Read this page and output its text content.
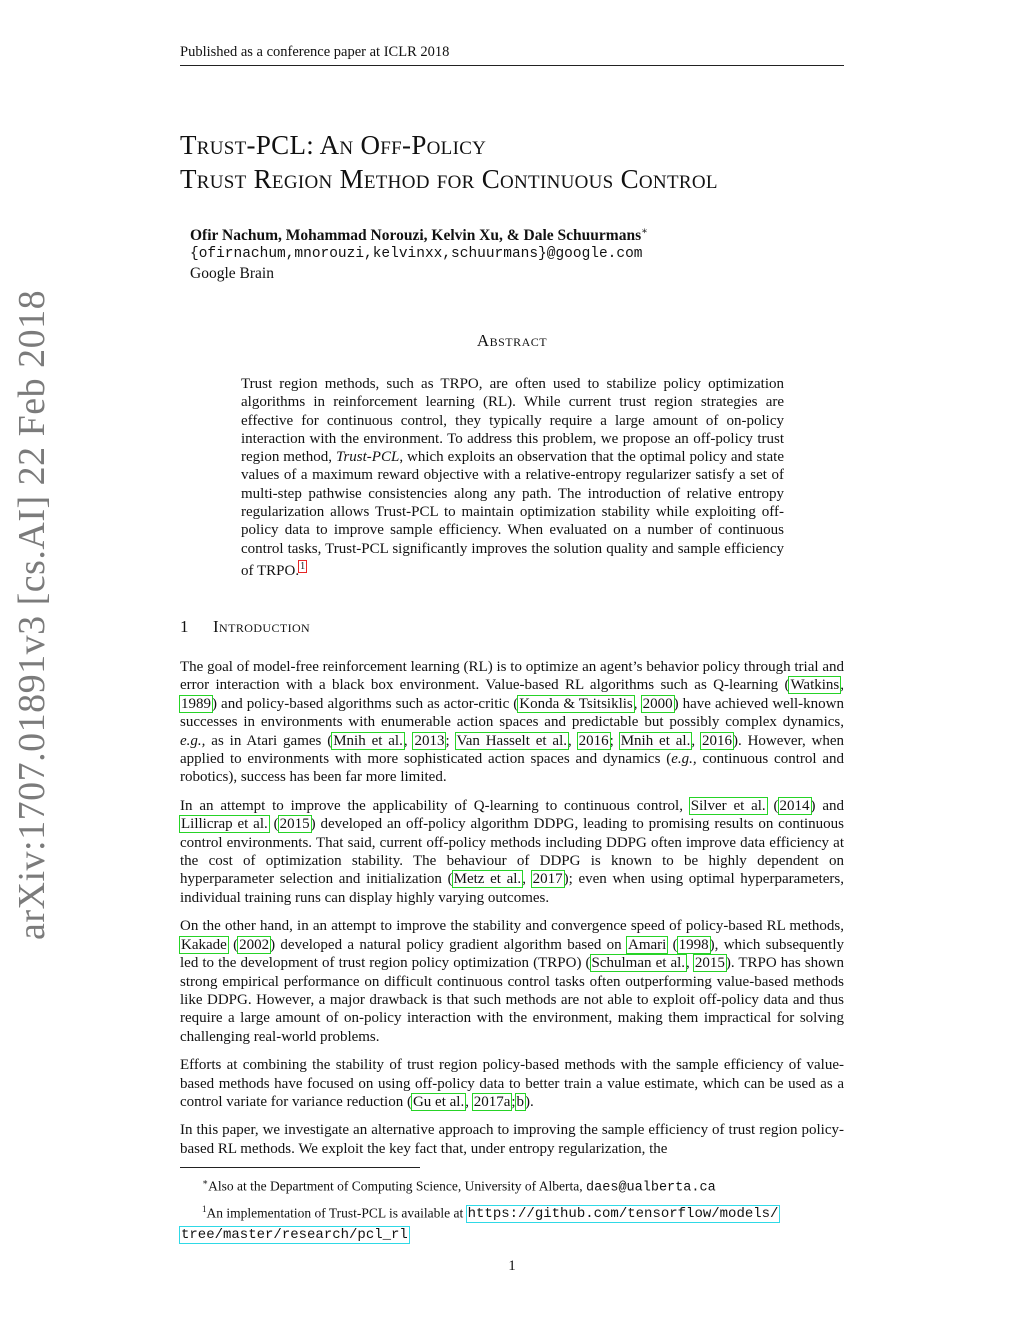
Published as a conference paper at ICLR 2018
arXiv:1707.01891v3 [cs.AI] 22 Feb 2018
Trust-PCL: An Off-Policy
Trust Region Method for Continuous Control
Ofir Nachum, Mohammad Norouzi, Kelvin Xu, & Dale Schuurmans∗
{ofirnachum,mnorouzi,kelvinxx,schuurmans}@google.com
Google Brain
Abstract
Trust region methods, such as TRPO, are often used to stabilize policy optimization algorithms in reinforcement learning (RL). While current trust region strategies are effective for continuous control, they typically require a large amount of on-policy interaction with the environment. To address this problem, we propose an off-policy trust region method, Trust-PCL, which exploits an observation that the optimal policy and state values of a maximum reward objective with a relative-entropy regularizer satisfy a set of multi-step pathwise consistencies along any path. The introduction of relative entropy regularization allows Trust-PCL to maintain optimization stability while exploiting off-policy data to improve sample efficiency. When evaluated on a number of continuous control tasks, Trust-PCL significantly improves the solution quality and sample efficiency of TRPO.$^1$
1 Introduction

The goal of model-free reinforcement learning (RL) is to optimize an agent’s behavior policy through trial and error interaction with a black box environment. Value-based RL algorithms such as Q-learning (Watkins, 1989) and policy-based algorithms such as actor-critic (Konda & Tsitsiklis, 2000) have achieved well-known successes in environments with enumerable action spaces and predictable but possibly complex dynamics, e.g., as in Atari games (Mnih et al., 2013; Van Hasselt et al., 2016; Mnih et al., 2016). However, when applied to environments with more sophisticated action spaces and dynamics (e.g., continuous control and robotics), success has been far more limited.

In an attempt to improve the applicability of Q-learning to continuous control, Silver et al. (2014) and Lillicrap et al. (2015) developed an off-policy algorithm DDPG, leading to promising results on continuous control environments. That said, current off-policy methods including DDPG often improve data efficiency at the cost of optimization stability. The behaviour of DDPG is known to be highly dependent on hyperparameter selection and initialization (Metz et al., 2017); even when using optimal hyperparameters, individual training runs can display highly varying outcomes.

On the other hand, in an attempt to improve the stability and convergence speed of policy-based RL methods, Kakade (2002) developed a natural policy gradient algorithm based on Amari (1998), which subsequently led to the development of trust region policy optimization (TRPO) (Schulman et al., 2015). TRPO has shown strong empirical performance on difficult continuous control tasks often outperforming value-based methods like DDPG. However, a major drawback is that such methods are not able to exploit off-policy data and thus require a large amount of on-policy interaction with the environment, making them impractical for solving challenging real-world problems.

Efforts at combining the stability of trust region policy-based methods with the sample efficiency of value-based methods have focused on using off-policy data to better train a value estimate, which can be used as a control variate for variance reduction (Gu et al., 2017a;b).

In this paper, we investigate an alternative approach to improving the sample efficiency of trust region policy-based RL methods. We exploit the key fact that, under entropy regularization, the

∗Also at the Department of Computing Science, University of Alberta, daes@ualberta.ca
$^1$An implementation of Trust-PCL is available at https://github.com/tensorflow/models/
tree/master/research/pcl_rl
1
